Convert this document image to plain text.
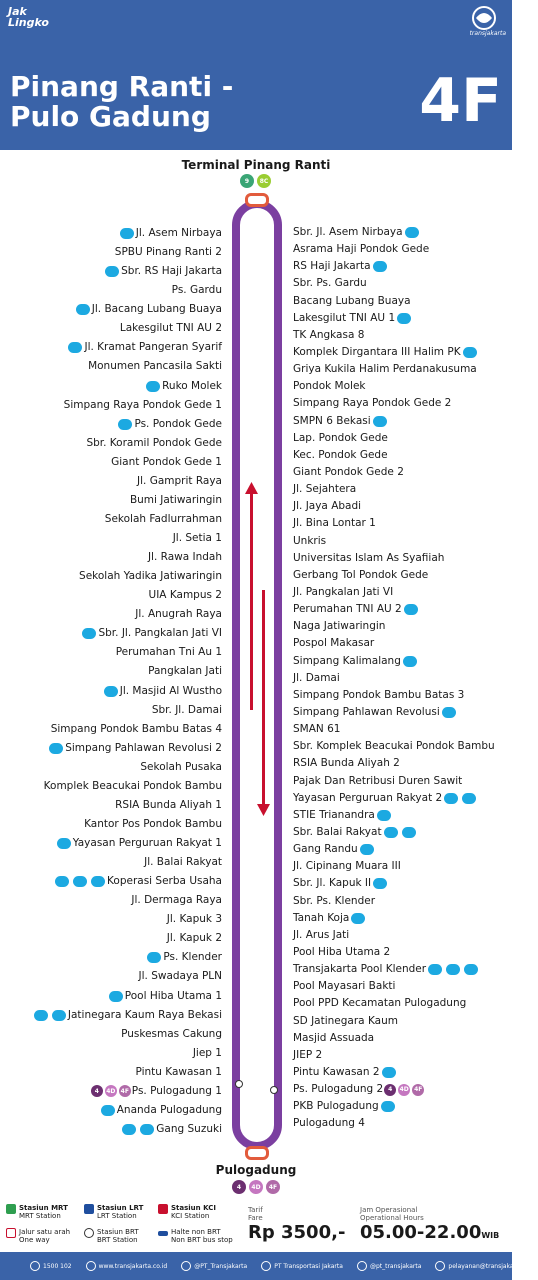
Jak Lingko
transjakarta
Pinang Ranti -
Pulo Gadung	4F
Terminal Pinang Ranti
9	8C
Jl. Asem Nirbaya
SPBU Pinang Ranti 2
Sbr. RS Haji Jakarta
Ps. Gardu
Jl. Bacang Lubang Buaya
Lakesgilut TNI AU 2
Jl. Kramat Pangeran Syarif
Monumen Pancasila Sakti
Ruko Molek
Simpang Raya Pondok Gede 1
Ps. Pondok Gede
Sbr. Koramil Pondok Gede
Giant Pondok Gede 1
Jl. Gamprit Raya
Bumi Jatiwaringin
Sekolah Fadlurrahman
Jl. Setia 1
Jl. Rawa Indah
Sekolah Yadika Jatiwaringin
UIA Kampus 2
Jl. Anugrah Raya
Sbr. Jl. Pangkalan Jati VI
Perumahan Tni Au 1
Pangkalan Jati
Jl. Masjid Al Wustho
Sbr. Jl. Damai
Simpang Pondok Bambu Batas 4
Simpang Pahlawan Revolusi 2
Sekolah Pusaka
Komplek Beacukai Pondok Bambu
RSIA Bunda Aliyah 1
Kantor Pos Pondok Bambu
Yayasan Perguruan Rakyat 1
Jl. Balai Rakyat
Koperasi Serba Usaha
Jl. Dermaga Raya
Jl. Kapuk 3
Jl. Kapuk 2
Ps. Klender
Jl. Swadaya PLN
Pool Hiba Utama 1
Jatinegara Kaum Raya Bekasi
Puskesmas Cakung
Jiep 1
Pintu Kawasan 1
4	4D 4F Ps. Pulogadung 1
Ananda Pulogadung
Gang Suzuki
Sbr. Jl. Asem Nirbaya
Asrama Haji Pondok Gede
RS Haji Jakarta
Sbr. Ps. Gardu
Bacang Lubang Buaya
Lakesgilut TNI AU 1
TK Angkasa 8
Komplek Dirgantara III Halim PK
Griya Kukila Halim Perdanakusuma
Pondok Molek
Simpang Raya Pondok Gede 2
SMPN 6 Bekasi
Lap. Pondok Gede
Kec. Pondok Gede
Giant Pondok Gede 2
Jl. Sejahtera
Jl. Jaya Abadi
Jl. Bina Lontar 1
Unkris
Universitas Islam As Syafiiah
Gerbang Tol Pondok Gede
Jl. Pangkalan Jati VI
Perumahan TNI AU 2
Naga Jatiwaringin
Pospol Makasar
Simpang Kalimalang
Jl. Damai
Simpang Pondok Bambu Batas 3
Simpang Pahlawan Revolusi
SMAN 61
Sbr. Komplek Beacukai Pondok Bambu
RSIA Bunda Aliyah 2
Pajak Dan Retribusi Duren Sawit
Yayasan Perguruan Rakyat 2
STIE Trianandra
Sbr. Balai Rakyat
Gang Randu
Jl. Cipinang Muara III
Sbr. Jl. Kapuk II
Sbr. Ps. Klender
Tanah Koja
Jl. Arus Jati
Pool Hiba Utama 2
Transjakarta Pool Klender
Pool Mayasari Bakti
Pool PPD Kecamatan Pulogadung
SD Jatinegara Kaum
Masjid Assuada
JIEP 2
Pintu Kawasan 2
Ps. Pulogadung 2 4	4D 4F
PKB Pulogadung
Pulogadung 4
Pulogadung
4	4D	4F
Stasiun MRT
MRT Station
Stasiun LRT
LRT Station
Stasiun KCI
KCI Station
Jalur satu arah
One way
Stasiun BRT
BRT Station
Halte non BRT
Non BRT bus stop
Tarif
Fare
Rp 3500,-
Jam Operasional
Operational Hours
05.00-22.00WIB
1500 102	www.transjakarta.co.id	@PT_Transjakarta	PT Transportasi Jakarta	@pt_transjakarta	pelayanan@transjakarta.co.id
